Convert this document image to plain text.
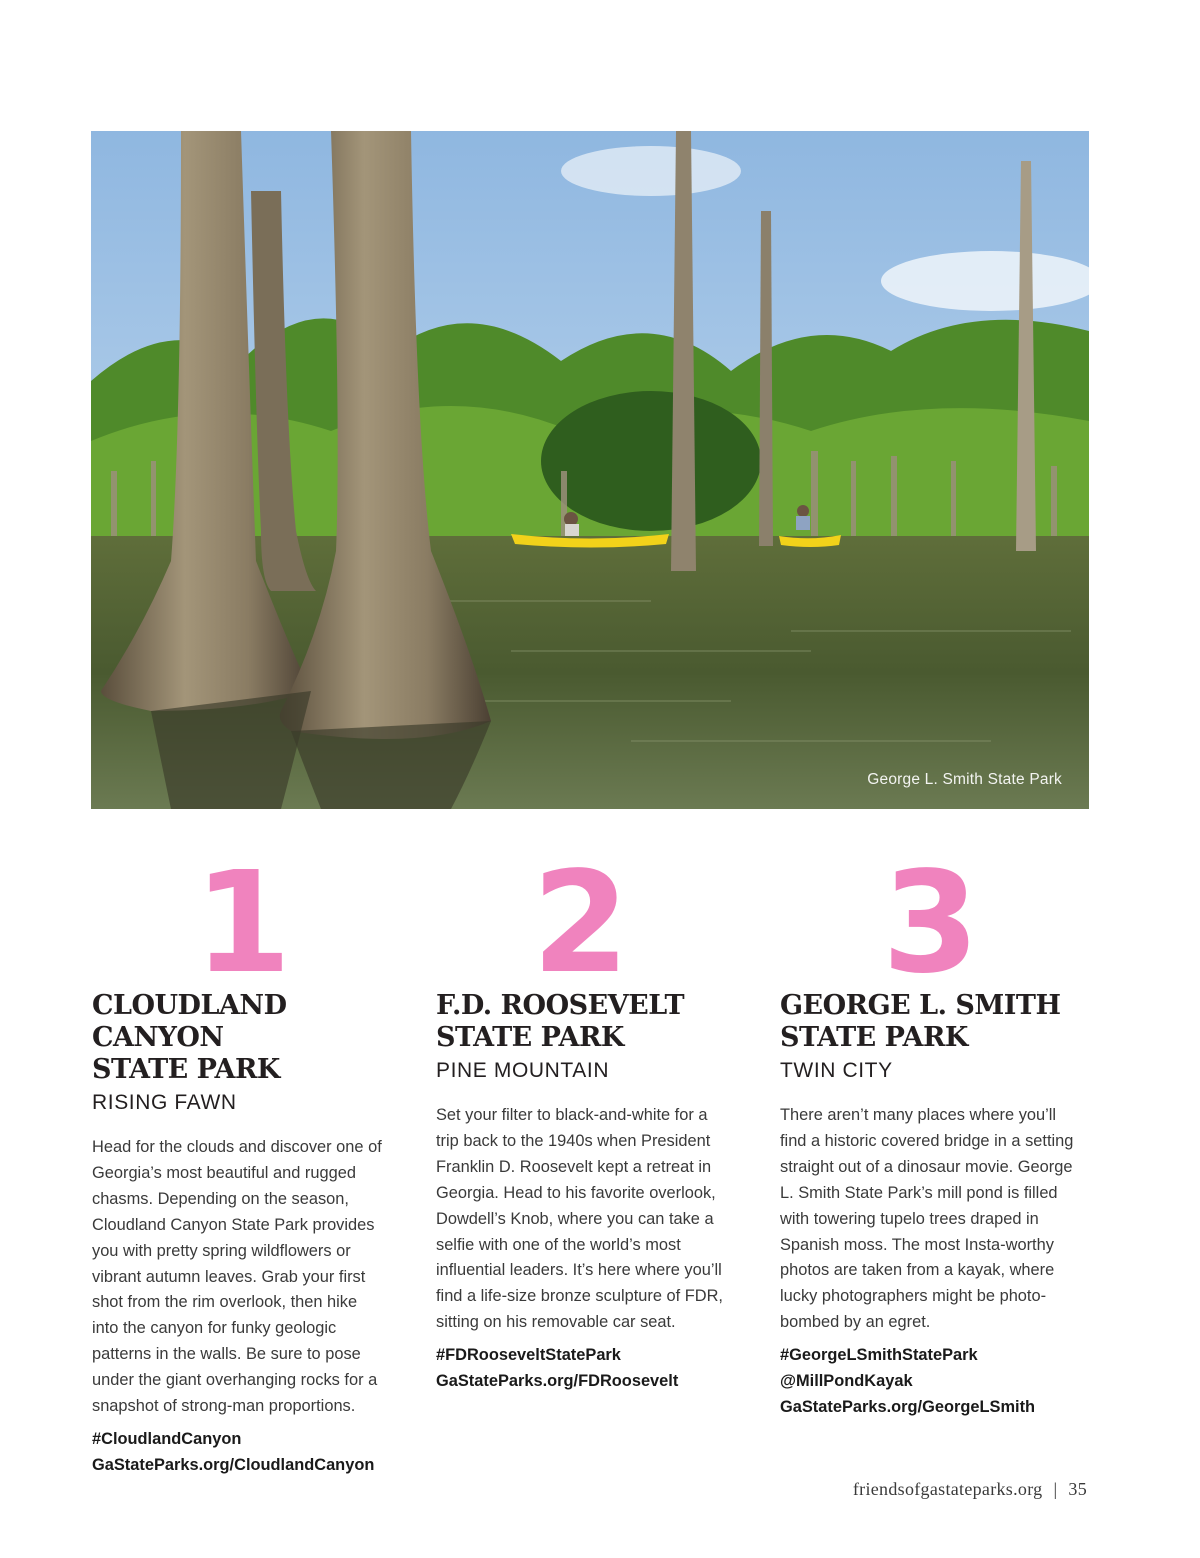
George L. Smith State Park
1
CLOUDLAND CANYON
STATE PARK
RISING FAWN

Head for the clouds and discover one of
Georgia’s most beautiful and rugged
chasms. Depending on the season,
Cloudland Canyon State Park provides
you with pretty spring wildflowers or
vibrant autumn leaves. Grab your first
shot from the rim overlook, then hike
into the canyon for funky geologic
patterns in the walls. Be sure to pose
under the giant overhanging rocks for a
snapshot of strong-man proportions.

#CloudlandCanyon
GaStateParks.org/CloudlandCanyon
2
F.D. ROOSEVELT
STATE PARK
PINE MOUNTAIN

Set your filter to black-and-white for a
trip back to the 1940s when President
Franklin D. Roosevelt kept a retreat in
Georgia. Head to his favorite overlook,
Dowdell’s Knob, where you can take a
selfie with one of the world’s most
influential leaders. It’s here where you’ll
find a life-size bronze sculpture of FDR,
sitting on his removable car seat.

#FDRooseveltStatePark
GaStateParks.org/FDRoosevelt
3
GEORGE L. SMITH
STATE PARK
TWIN CITY

There aren’t many places where you’ll
find a historic covered bridge in a setting
straight out of a dinosaur movie. George
L. Smith State Park’s mill pond is filled
with towering tupelo trees draped in
Spanish moss. The most Insta-worthy
photos are taken from a kayak, where
lucky photographers might be photo-
bombed by an egret.

#GeorgeLSmithStatePark
@MillPondKayak
GaStateParks.org/GeorgeLSmith
friendsofgastateparks.org | 35
